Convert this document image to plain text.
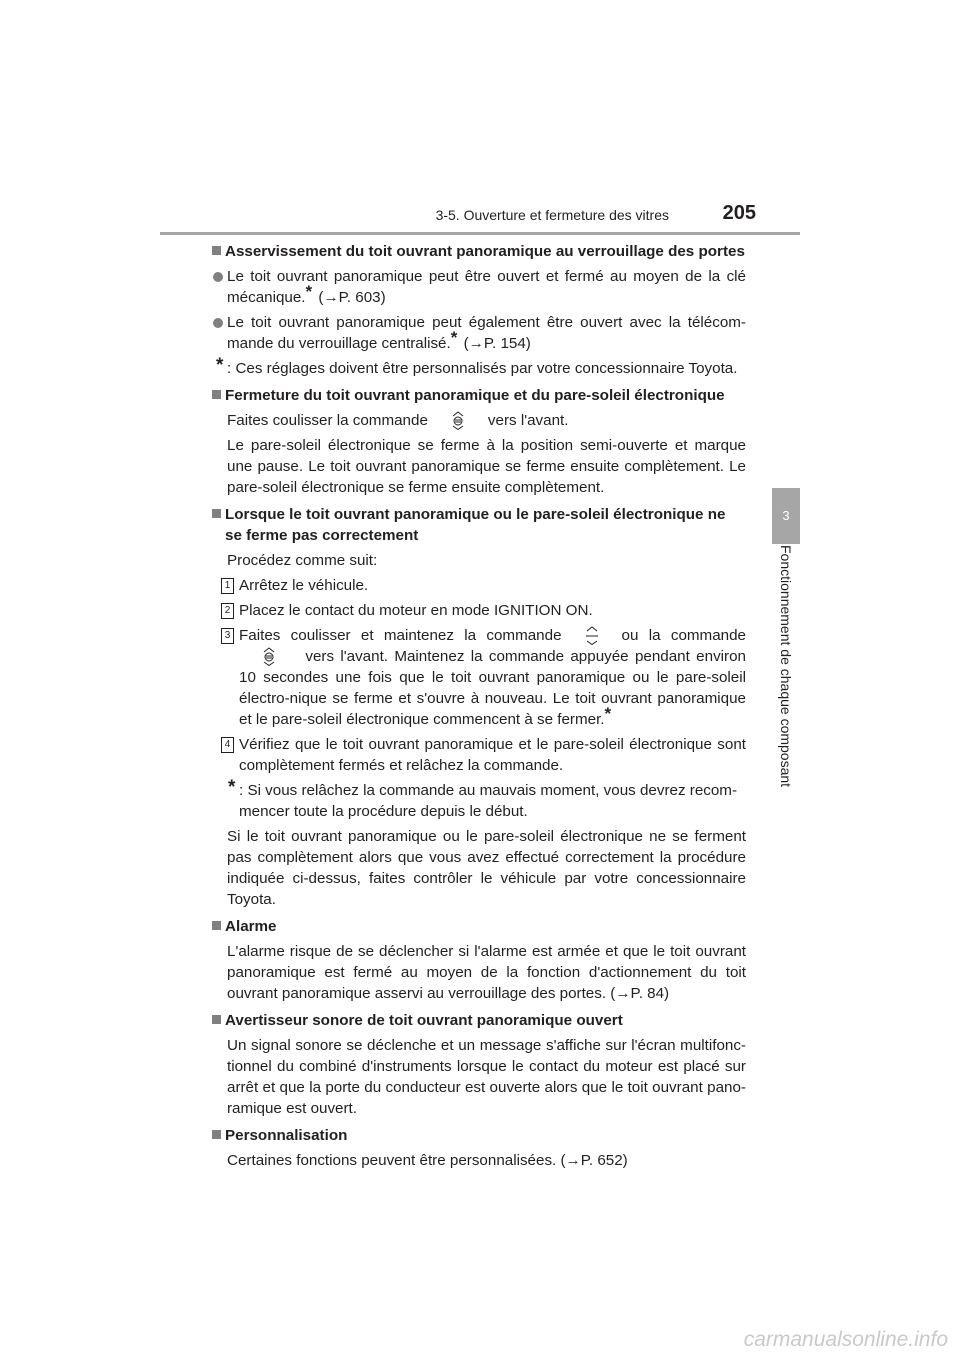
3-5. Ouverture et fermeture des vitres	205
3
Fonctionnement de chaque composant
Asservissement du toit ouvrant panoramique au verrouillage des portes
Le toit ouvrant panoramique peut être ouvert et fermé au moyen de la clé mécanique.* (→P. 603)
Le toit ouvrant panoramique peut également être ouvert avec la télécom-mande du verrouillage centralisé.* (→P. 154)
* : Ces réglages doivent être personnalisés par votre concessionnaire Toyota.
Fermeture du toit ouvrant panoramique et du pare-soleil électronique
Faites coulisser la commande	vers l'avant.
Le pare-soleil électronique se ferme à la position semi-ouverte et marque une pause. Le toit ouvrant panoramique se ferme ensuite complètement. Le pare-soleil électronique se ferme ensuite complètement.
Lorsque le toit ouvrant panoramique ou le pare-soleil électronique ne se ferme pas correctement
Procédez comme suit:
1 Arrêtez le véhicule.
2 Placez le contact du moteur en mode IGNITION ON.
3 Faites coulisser et maintenez la commande	ou la commande vers l'avant. Maintenez la commande appuyée pendant environ 10 secondes une fois que le toit ouvrant panoramique ou le pare-soleil électro-nique se ferme et s'ouvre à nouveau. Le toit ouvrant panoramique et le pare-soleil électronique commencent à se fermer.*
4 Vérifiez que le toit ouvrant panoramique et le pare-soleil électronique sont complètement fermés et relâchez la commande.
* : Si vous relâchez la commande au mauvais moment, vous devrez recom-mencer toute la procédure depuis le début.
Si le toit ouvrant panoramique ou le pare-soleil électronique ne se ferment pas complètement alors que vous avez effectué correctement la procédure indiquée ci-dessus, faites contrôler le véhicule par votre concessionnaire Toyota.
Alarme
L'alarme risque de se déclencher si l'alarme est armée et que le toit ouvrant panoramique est fermé au moyen de la fonction d'actionnement du toit ouvrant panoramique asservi au verrouillage des portes. (→P. 84)
Avertisseur sonore de toit ouvrant panoramique ouvert
Un signal sonore se déclenche et un message s'affiche sur l'écran multifonc-tionnel du combiné d'instruments lorsque le contact du moteur est placé sur arrêt et que la porte du conducteur est ouverte alors que le toit ouvrant pano-ramique est ouvert.
Personnalisation
Certaines fonctions peuvent être personnalisées. (→P. 652)
carmanualsonline.info
